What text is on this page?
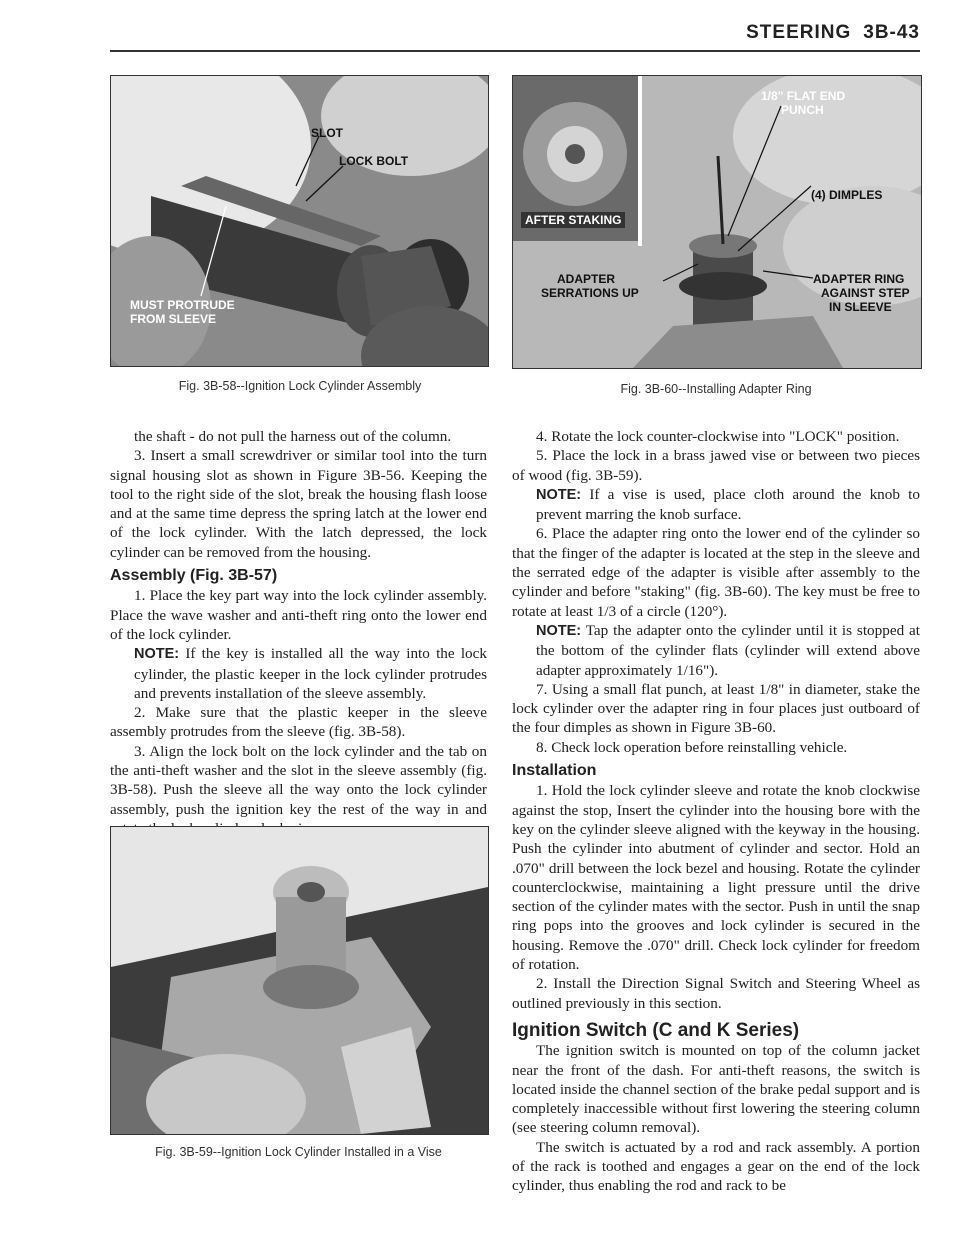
STEERING 3B-43
SLOT
LOCK BOLT
MUST PROTRUDE
FROM SLEEVE
Fig. 3B-58--Ignition Lock Cylinder Assembly
1/8" FLAT END
PUNCH
(4) DIMPLES
AFTER STAKING
ADAPTER
SERRATIONS UP
ADAPTER RING
AGAINST STEP
IN SLEEVE
Fig. 3B-60--Installing Adapter Ring

the shaft - do not pull the harness out of the column.

3. Insert a small screwdriver or similar tool into the turn signal housing slot as shown in Figure 3B-56. Keeping the tool to the right side of the slot, break the housing flash loose and at the same time depress the spring latch at the lower end of the lock cylinder. With the latch depressed, the lock cylinder can be removed from the housing.

Assembly (Fig. 3B-57)

1. Place the key part way into the lock cylinder assembly. Place the wave washer and anti-theft ring onto the lower end of the lock cylinder.

NOTE: If the key is installed all the way into the lock cylinder, the plastic keeper in the lock cylinder protrudes and prevents installation of the sleeve assembly.

2. Make sure that the plastic keeper in the sleeve assembly protrudes from the sleeve (fig. 3B-58).

3. Align the lock bolt on the lock cylinder and the tab on the anti-theft washer and the slot in the sleeve assembly (fig. 3B-58). Push the sleeve all the way onto the lock cylinder assembly, push the ignition key the rest of the way in and

Fig. 3B-59--Ignition Lock Cylinder Installed in a Vise

4. Rotate the lock counter-clockwise into "LOCK" position.

5. Place the lock in a brass jawed vise or between two pieces of wood (fig. 3B-59).

NOTE: If a vise is used, place cloth around the knob to prevent marring the knob surface.

6. Place the adapter ring onto the lower end of the cylinder so that the finger of the adapter is located at the step in the sleeve and the serrated edge of the adapter is visible after assembly to the cylinder and before "staking" (fig. 3B-60). The key must be free to rotate at least 1/3 of a circle (120°).

NOTE: Tap the adapter onto the cylinder until it is stopped at the bottom of the cylinder flats (cylinder will extend above adapter approximately 1/16").

7. Using a small flat punch, at least 1/8" in diameter, stake the lock cylinder over the adapter ring in four places just outboard of the four dimples as shown in Figure 3B-60.

8. Check lock operation before reinstalling vehicle.

Installation

1. Hold the lock cylinder sleeve and rotate the knob clockwise against the stop, Insert the cylinder into the housing bore with the key on the cylinder sleeve aligned with the keyway in the housing. Push the cylinder into abutment of cylinder and sector. Hold an .070" drill between the lock bezel and housing. Rotate the cylinder counterclockwise, maintaining a light pressure until the drive section of the cylinder mates with the sector. Push in until the snap ring pops into the grooves and lock cylinder is secured in the housing. Remove the .070" drill. Check lock cylinder for freedom of rotation.

2. Install the Direction Signal Switch and Steering Wheel as outlined previously in this section.

Ignition Switch (C and K Series)

The ignition switch is mounted on top of the column jacket near the front of the dash. For anti-theft reasons, the switch is located inside the channel section of the brake pedal support and is completely inaccessible without first lowering the steering column (see steering column removal).

The switch is actuated by a rod and rack assembly. A portion of the rack is toothed and engages a gear on the end of the lock cylinder, thus enabling the rod and rack to be
